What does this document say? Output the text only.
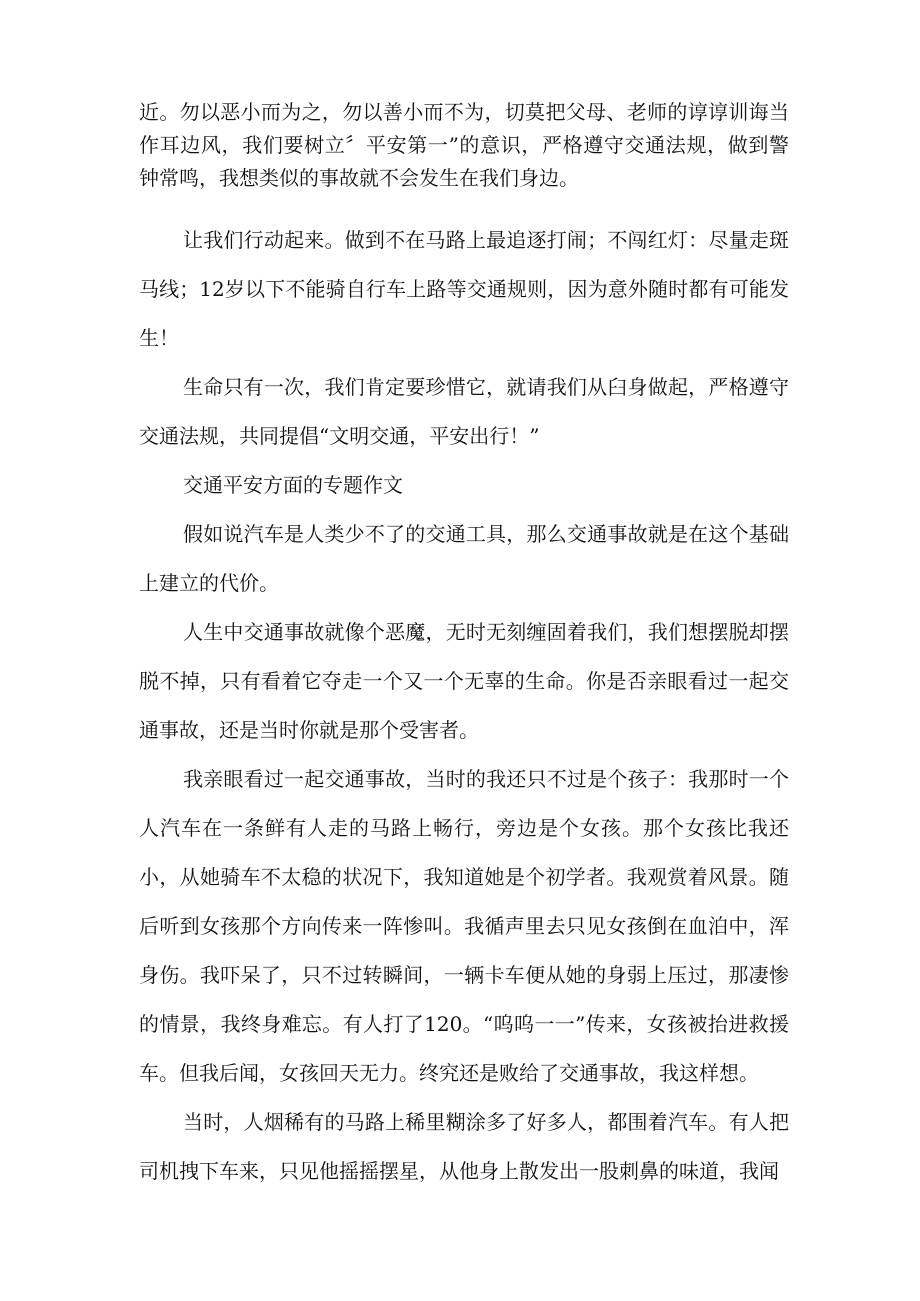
近。勿以恶小而为之，勿以善小而不为，切莫把父母、老师的谆谆训诲当作耳边风，我们要树立〞平安第一”的意识，严格遵守交通法规，做到警钟常鸣，我想类似的事故就不会发生在我们身边。

让我们行动起来。做到不在马路上最追逐打闹；不闯红灯：尽量走斑马线；12岁以下不能骑自行车上路等交通规则，因为意外随时都有可能发生！

生命只有一次，我们肯定要珍惜它，就请我们从臼身做起，严格遵守交通法规，共同提倡“文明交通，平安出行！”

交通平安方面的专题作文

假如说汽车是人类少不了的交通工具，那么交通事故就是在这个基础上建立的代价。

人生中交通事故就像个恶魔，无时无刻缠固着我们，我们想摆脱却摆脱不掉，只有看着它夺走一个又一个无辜的生命。你是否亲眼看过一起交通事故，还是当时你就是那个受害者。

我亲眼看过一起交通事故，当时的我还只不过是个孩子：我那时一个人汽车在一条鲜有人走的马路上畅行，旁边是个女孩。那个女孩比我还小，从她骑车不太稳的状况下，我知道她是个初学者。我观赏着风景。随后听到女孩那个方向传来一阵惨叫。我循声里去只见女孩倒在血泊中，浑身伤。我吓呆了，只不过转瞬间，一辆卡车便从她的身弱上压过，那凄惨的情景，我终身难忘。有人打了120。“呜呜一一”传来，女孩被抬进救援车。但我后闻，女孩回天无力。终究还是败给了交通事故，我这样想。

当时，人烟稀有的马路上稀里糊涂多了好多人，都围着汽车。有人把司机拽下车来，只见他摇摇摆星，从他身上散发出一股刺鼻的味道，我闻
